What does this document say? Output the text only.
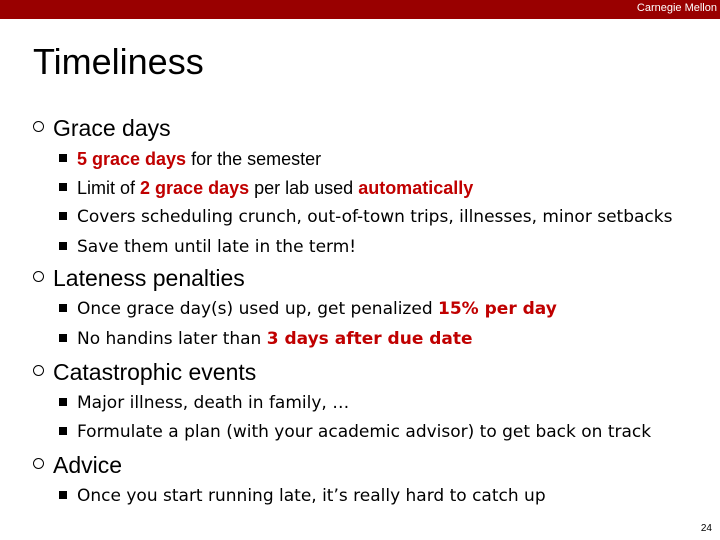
Carnegie Mellon
Timeliness
Grace days
5 grace days for the semester
Limit of 2 grace days per lab used automatically
Covers scheduling crunch, out-of-town trips, illnesses, minor setbacks
Save them until late in the term!
Lateness penalties
Once grace day(s) used up, get penalized 15% per day
No handins later than 3 days after due date
Catastrophic events
Major illness, death in family, …
Formulate a plan (with your academic advisor) to get back on track
Advice
Once you start running late, it’s really hard to catch up
24
